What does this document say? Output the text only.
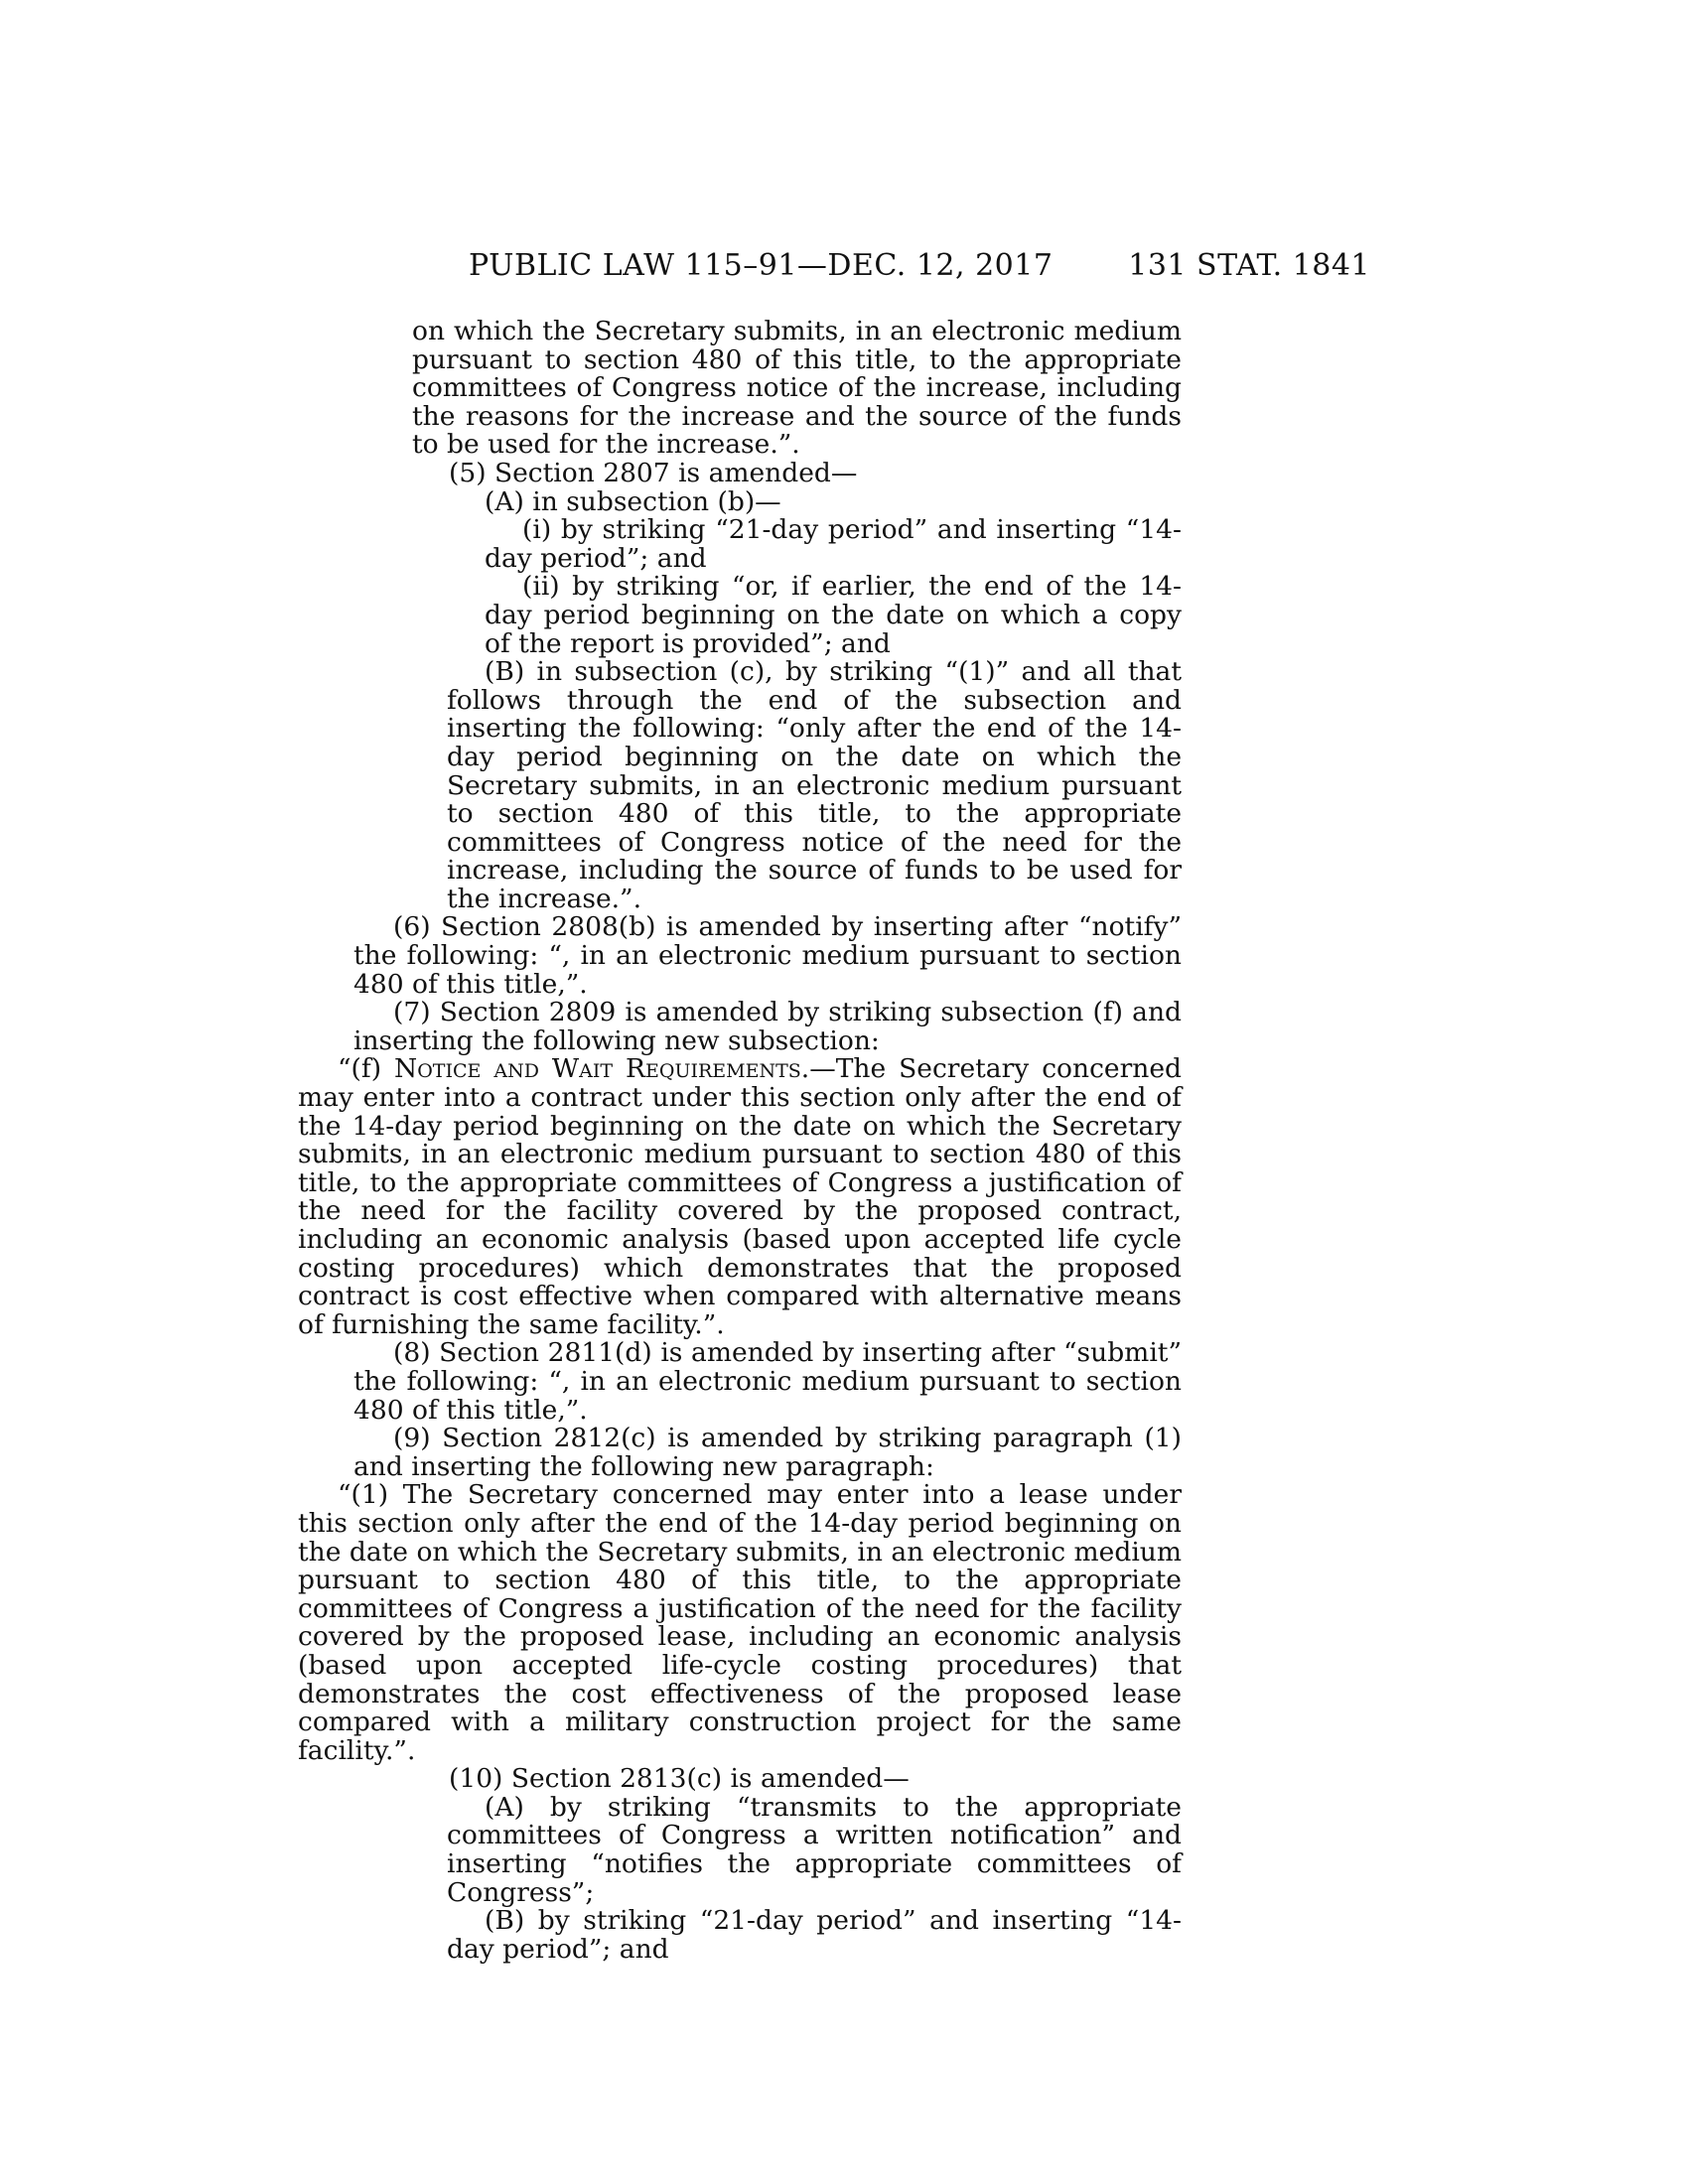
PUBLIC LAW 115–91—DEC. 12, 2017	131 STAT. 1841

on which the Secretary submits, in an electronic medium pursuant to section 480 of this title, to the appropriate committees of Congress notice of the increase, including the reasons for the increase and the source of the funds to be used for the increase.”.

(5) Section 2807 is amended—

(A) in subsection (b)—

(i) by striking “21-day period” and inserting “14-day period”; and

(ii) by striking “or, if earlier, the end of the 14-day period beginning on the date on which a copy of the report is provided”; and

(B) in subsection (c), by striking “(1)” and all that follows through the end of the subsection and inserting the following: “only after the end of the 14-day period beginning on the date on which the Secretary submits, in an electronic medium pursuant to section 480 of this title, to the appropriate committees of Congress notice of the need for the increase, including the source of funds to be used for the increase.”.

(6) Section 2808(b) is amended by inserting after “notify” the following: “, in an electronic medium pursuant to section 480 of this title,”.

(7) Section 2809 is amended by striking subsection (f) and inserting the following new subsection:

“(f) Notice and Wait Requirements.—The Secretary concerned may enter into a contract under this section only after the end of the 14-day period beginning on the date on which the Secretary submits, in an electronic medium pursuant to section 480 of this title, to the appropriate committees of Congress a justification of the need for the facility covered by the proposed contract, including an economic analysis (based upon accepted life cycle costing procedures) which demonstrates that the proposed contract is cost effective when compared with alternative means of furnishing the same facility.”.

(8) Section 2811(d) is amended by inserting after “submit” the following: “, in an electronic medium pursuant to section 480 of this title,”.

(9) Section 2812(c) is amended by striking paragraph (1) and inserting the following new paragraph:

“(1) The Secretary concerned may enter into a lease under this section only after the end of the 14-day period beginning on the date on which the Secretary submits, in an electronic medium pursuant to section 480 of this title, to the appropriate committees of Congress a justification of the need for the facility covered by the proposed lease, including an economic analysis (based upon accepted life-cycle costing procedures) that demonstrates the cost effectiveness of the proposed lease compared with a military construction project for the same facility.”.

(10) Section 2813(c) is amended—

(A) by striking “transmits to the appropriate committees of Congress a written notification” and inserting “notifies the appropriate committees of Congress”;

(B) by striking “21-day period” and inserting “14-day period”; and
